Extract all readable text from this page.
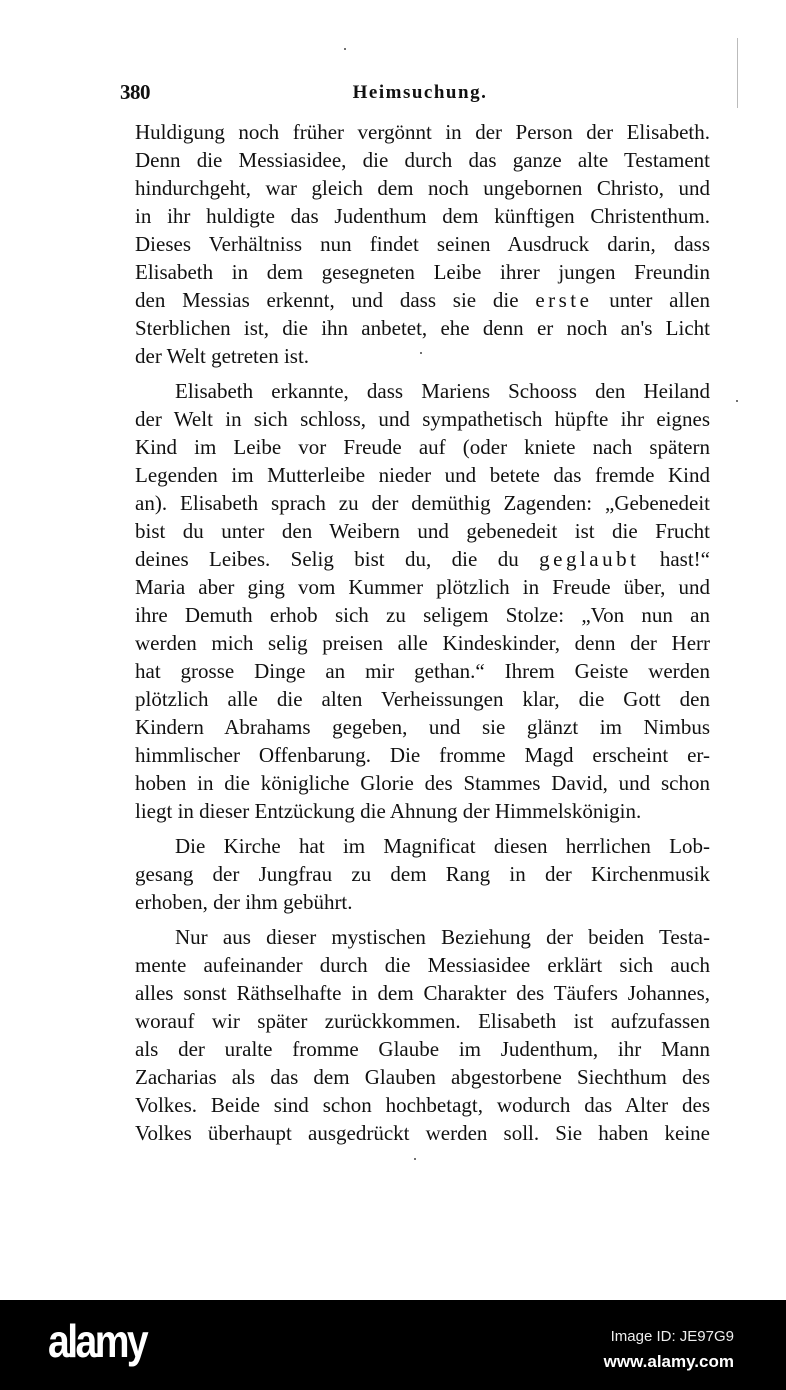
380	Heimsuchung.
Huldigung noch früher vergönnt in der Person der Elisabeth.
Denn die Messiasidee, die durch das ganze alte Testament
hindurchgeht, war gleich dem noch ungebornen Christo, und
in ihr huldigte das Judenthum dem künftigen Christenthum.
Dieses Verhältniss nun findet seinen Ausdruck darin, dass
Elisabeth in dem gesegneten Leibe ihrer jungen Freundin
den Messias erkennt, und dass sie die erste unter allen
Sterblichen ist, die ihn anbetet, ehe denn er noch an's Licht
der Welt getreten ist.
Elisabeth erkannte, dass Mariens Schooss den Heiland
der Welt in sich schloss, und sympathetisch hüpfte ihr eignes
Kind im Leibe vor Freude auf (oder kniete nach spätern
Legenden im Mutterleibe nieder und betete das fremde Kind
an). Elisabeth sprach zu der demüthig Zagenden: „Gebenedeit
bist du unter den Weibern und gebenedeit ist die Frucht
deines Leibes. Selig bist du, die du geglaubt hast!“
Maria aber ging vom Kummer plötzlich in Freude über, und
ihre Demuth erhob sich zu seligem Stolze: „Von nun an
werden mich selig preisen alle Kindeskinder, denn der Herr
hat grosse Dinge an mir gethan.“ Ihrem Geiste werden
plötzlich alle die alten Verheissungen klar, die Gott den
Kindern Abrahams gegeben, und sie glänzt im Nimbus
himmlischer Offenbarung. Die fromme Magd erscheint er-
hoben in die königliche Glorie des Stammes David, und schon
liegt in dieser Entzückung die Ahnung der Himmelskönigin.
Die Kirche hat im Magnificat diesen herrlichen Lob-
gesang der Jungfrau zu dem Rang in der Kirchenmusik
erhoben, der ihm gebührt.
Nur aus dieser mystischen Beziehung der beiden Testa-
mente aufeinander durch die Messiasidee erklärt sich auch
alles sonst Räthselhafte in dem Charakter des Täufers Johannes,
worauf wir später zurückkommen. Elisabeth ist aufzufassen
als der uralte fromme Glaube im Judenthum, ihr Mann
Zacharias als das dem Glauben abgestorbene Siechthum des
Volkes. Beide sind schon hochbetagt, wodurch das Alter des
Volkes überhaupt ausgedrückt werden soll. Sie haben keine
alamy	Image ID: JE97G9
www.alamy.com
